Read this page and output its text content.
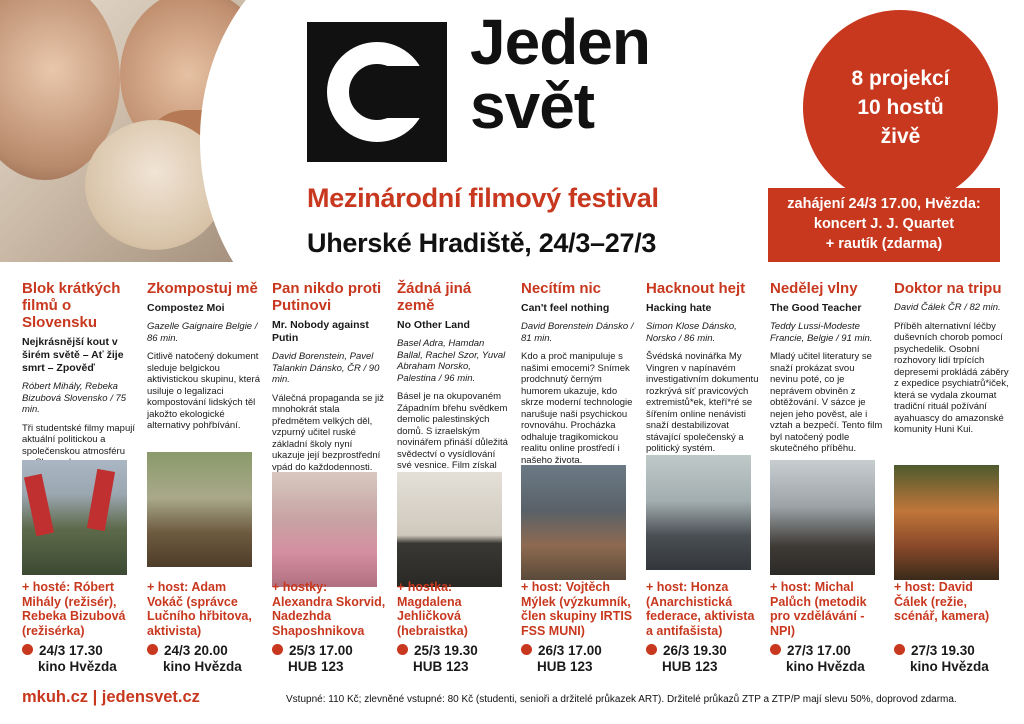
Jeden
svět	8 projekcí
10 hostů
živě
Mezinárodní filmový festival
Uherské Hradiště, 24/3–27/3
zahájení 24/3 17.00, Hvězda:
koncert J. J. Quartet
+ rautík (zdarma)
Blok krátkých filmů o Slovensku
Nejkrásnější kout v širém světě – Ať žije smrt – Zpověď
Róbert Mihály, Rebeka Bizubová Slovensko / 75 min.
Tři studentské filmy mapují aktuální politickou a společenskou atmosféru
+ hosté: Róbert Mihály (režisér), Rebeka Bizubová (režisérka)
24/3 17.30
kino Hvězda
Zkompostuj mě
Compostez Moi
Gazelle Gaignaire Belgie / 86 min.
Citlivě natočený dokument sleduje belgickou aktivistickou skupinu, která usiluje o legalizaci kompostování lidských těl jakožto ekologické alternativy pohřbívání.
+ host: Adam Vokáč (správce Lučního hřbitova, aktivista)
24/3 20.00
kino Hvězda
Pan nikdo proti Putinovi
Mr. Nobody against Putin
David Borenstein, Pavel Talankin Dánsko, ČR / 90 min.
Válečná propaganda se již mnohokrát stala předmětem velkých děl, vzpurný učitel ruské základní školy nyní ukazuje její bezprostřední vpád do každodennosti.
+ hostky: Alexandra Skorvid, Nadezhda Shaposhnikova
25/3 17.00
HUB 123
Žádná jiná země
No Other Land
Basel Adra, Hamdan Ballal, Rachel Szor, Yuval Abraham Norsko, Palestina / 96 min.
Básel je na okupovaném Západním břehu svědkem demolic palestinských domů. S izraelským novinářem přináší důležitá svědectví o vysídlování své vesnice. Film získal
+ hostka: Magdalena Jehličková (hebraistka)
25/3 19.30
HUB 123
Necítím nic
Can't feel nothing
David Borenstein Dánsko / 81 min.
Kdo a proč manipuluje s našimi emocemi? Snímek prodchnutý černým humorem ukazuje, kdo skrze moderní technologie narušuje naši psychickou rovnováhu. Procházka odhaluje tragikomickou realitu online prostředí i našeho života.
+ host: Vojtěch Mýlek (výzkumník, člen skupiny IRTIS FSS MUNI)
26/3 17.00
HUB 123
Hacknout hejt
Hacking hate
Simon Klose Dánsko, Norsko / 86 min.
Švédská novinářka My Vingren v napínavém investigativním dokumentu rozkrývá síť pravicových extremistů*ek, kteří*ré se šířením online nenávisti snaží destabilizovat stávající společenský a politický systém.
+ host: Honza (Anarchistická federace, aktivista a antifašista)
26/3 19.30
HUB 123
Nedělej vlny
The Good Teacher
Teddy Lussi-Modeste Francie, Belgie / 91 min.
Mladý učitel literatury se snaží prokázat svou nevinu poté, co je neprávem obviněn z obtěžování. V sázce je nejen jeho pověst, ale i vztah a bezpečí. Tento film byl natočený podle skutečného příběhu.
+ host: Michal Palůch (metodik pro vzdělávání - NPI)
27/3 17.00
kino Hvězda
Doktor na tripu
David Čálek ČR / 82 min.
Příběh alternativní léčby duševních chorob pomocí psychedelik. Osobní rozhovory lidí trpících depresemi prokládá záběry z expedice psychiatrů*iček, která se vydala zkoumat tradiční rituál požívání ayahuascy do amazonské komunity Huni Kui.
+ host: David Čálek (režie, scénář, kamera)
27/3 19.30
kino Hvězda
mkuh.cz | jedensvet.cz	Vstupné: 110 Kč; zlevněné vstupné: 80 Kč (studenti, senioři a držitelé průkazek ART). Držitelé průkazů ZTP a ZTP/P mají slevu 50%, doprovod zdarma.
